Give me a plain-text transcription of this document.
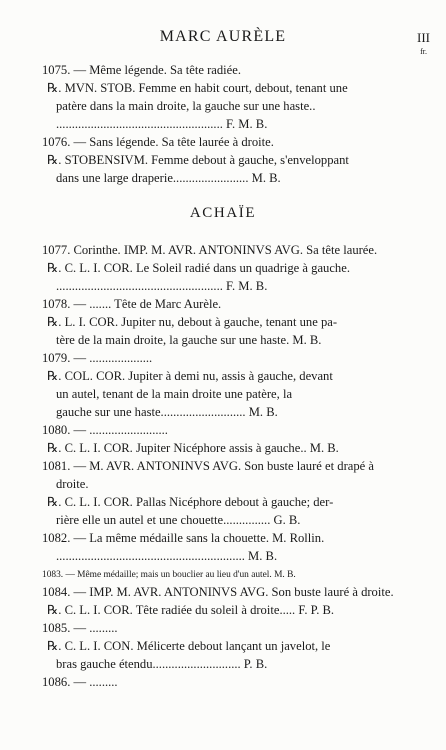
MARC AURÈLE	III
fr.
ACHAÏE
1075. — Même légende. Sa tête radiée.
℞. MVN. STOB. Femme en habit court, debout, tenant une
patère dans la main droite, la gauche sur une haste..
..................................................... F. M. B.
1076. — Sans légende. Sa tête laurée à droite.
℞. STOBENSIVM. Femme debout à gauche, s'enveloppant
dans une large draperie........................ M. B.
1077. Corinthe. IMP. M. AVR. ANTONINVS AVG. Sa tête laurée.
℞. C. L. I. COR. Le Soleil radié dans un quadrige à gauche.
..................................................... F. M. B.
1078. — ....... Tête de Marc Aurèle.
℞. L. I. COR. Jupiter nu, debout à gauche, tenant une pa-
tère de la main droite, la gauche sur une haste. M. B.
1079. — ....................
℞. COL. COR. Jupiter à demi nu, assis à gauche, devant
un autel, tenant de la main droite une patère, la
gauche sur une haste........................... M. B.
1080. — .........................
℞. C. L. I. COR. Jupiter Nicéphore assis à gauche.. M. B.
1081. — M. AVR. ANTONINVS AVG. Son buste lauré et drapé à
droite.
℞. C. L. I. COR. Pallas Nicéphore debout à gauche; der-
rière elle un autel et une chouette............... G. B.
1082. — La même médaille sans la chouette. M. Rollin.
............................................................ M. B.
1083. — Même médaille; mais un bouclier au lieu d'un autel. M. B.
1084. — IMP. M. AVR. ANTONINVS AVG. Son buste lauré à droite.
℞. C. L. I. COR. Tête radiée du soleil à droite..... F. P. B.
1085. — .........
℞. C. L. I. CON. Mélicerte debout lançant un javelot, le
bras gauche étendu............................ P. B.
1086. — .........
